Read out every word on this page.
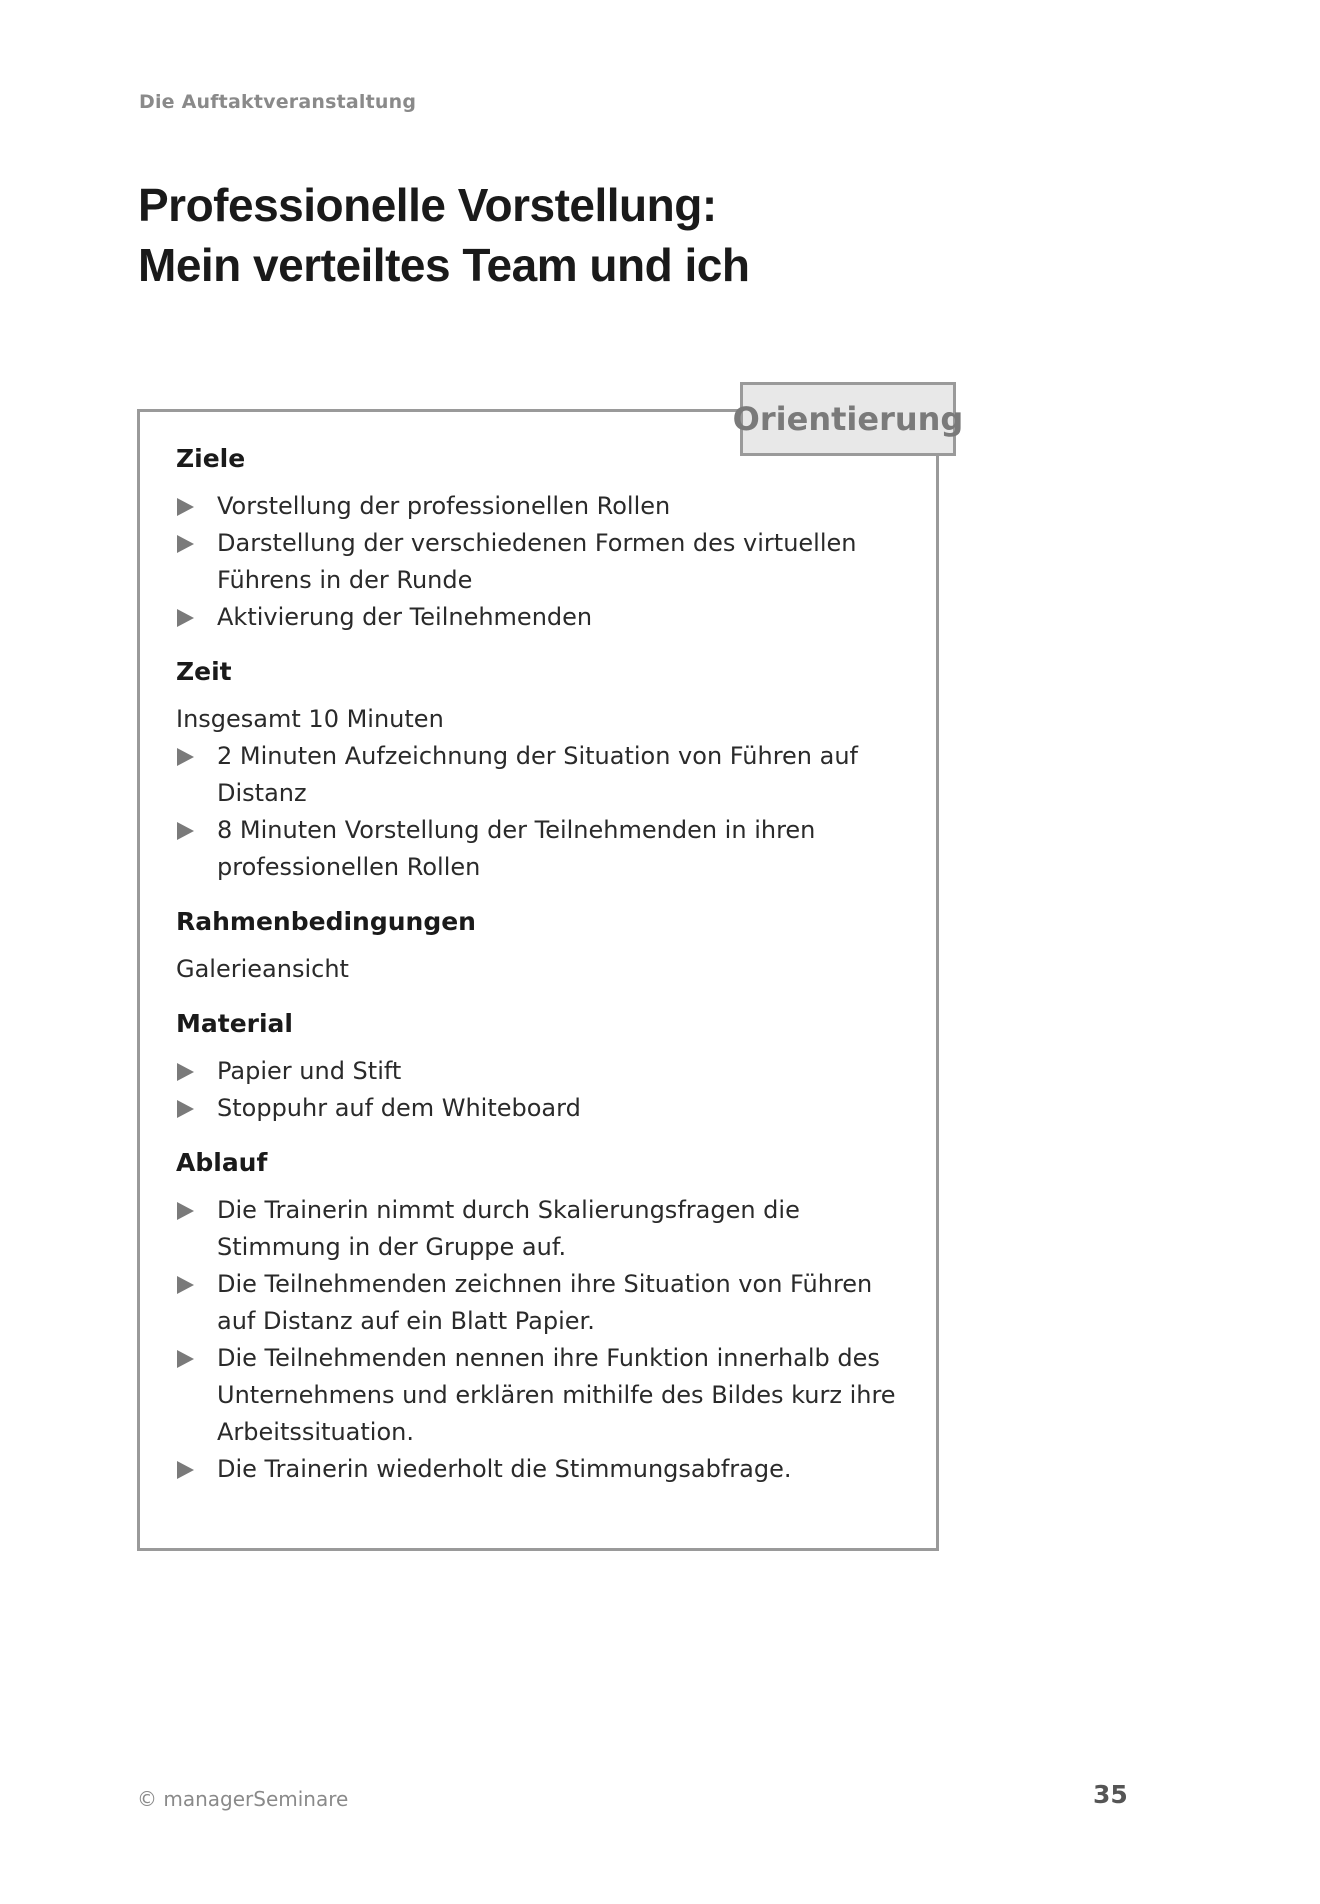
Die Auftaktveranstaltung
Professionelle Vorstellung:
Mein verteiltes Team und ich
Orientierung
Ziele
Vorstellung der professionellen Rollen
Darstellung der verschiedenen Formen des virtuellen Führens in der Runde
Aktivierung der Teilnehmenden
Zeit

Insgesamt 10 Minuten

2 Minuten Aufzeichnung der Situation von Führen auf Distanz
8 Minuten Vorstellung der Teilnehmenden in ihren professionellen Rollen
Rahmenbedingungen

Galerieansicht

Material
Papier und Stift
Stoppuhr auf dem Whiteboard
Ablauf
Die Trainerin nimmt durch Skalierungsfragen die Stimmung in der Gruppe auf.
Die Teilnehmenden zeichnen ihre Situation von Führen auf Distanz auf ein Blatt Papier.
Die Teilnehmenden nennen ihre Funktion innerhalb des Unternehmens und erklären mithilfe des Bildes kurz ihre Arbeitssituation.
Die Trainerin wiederholt die Stimmungsabfrage.
© managerSeminare	35
